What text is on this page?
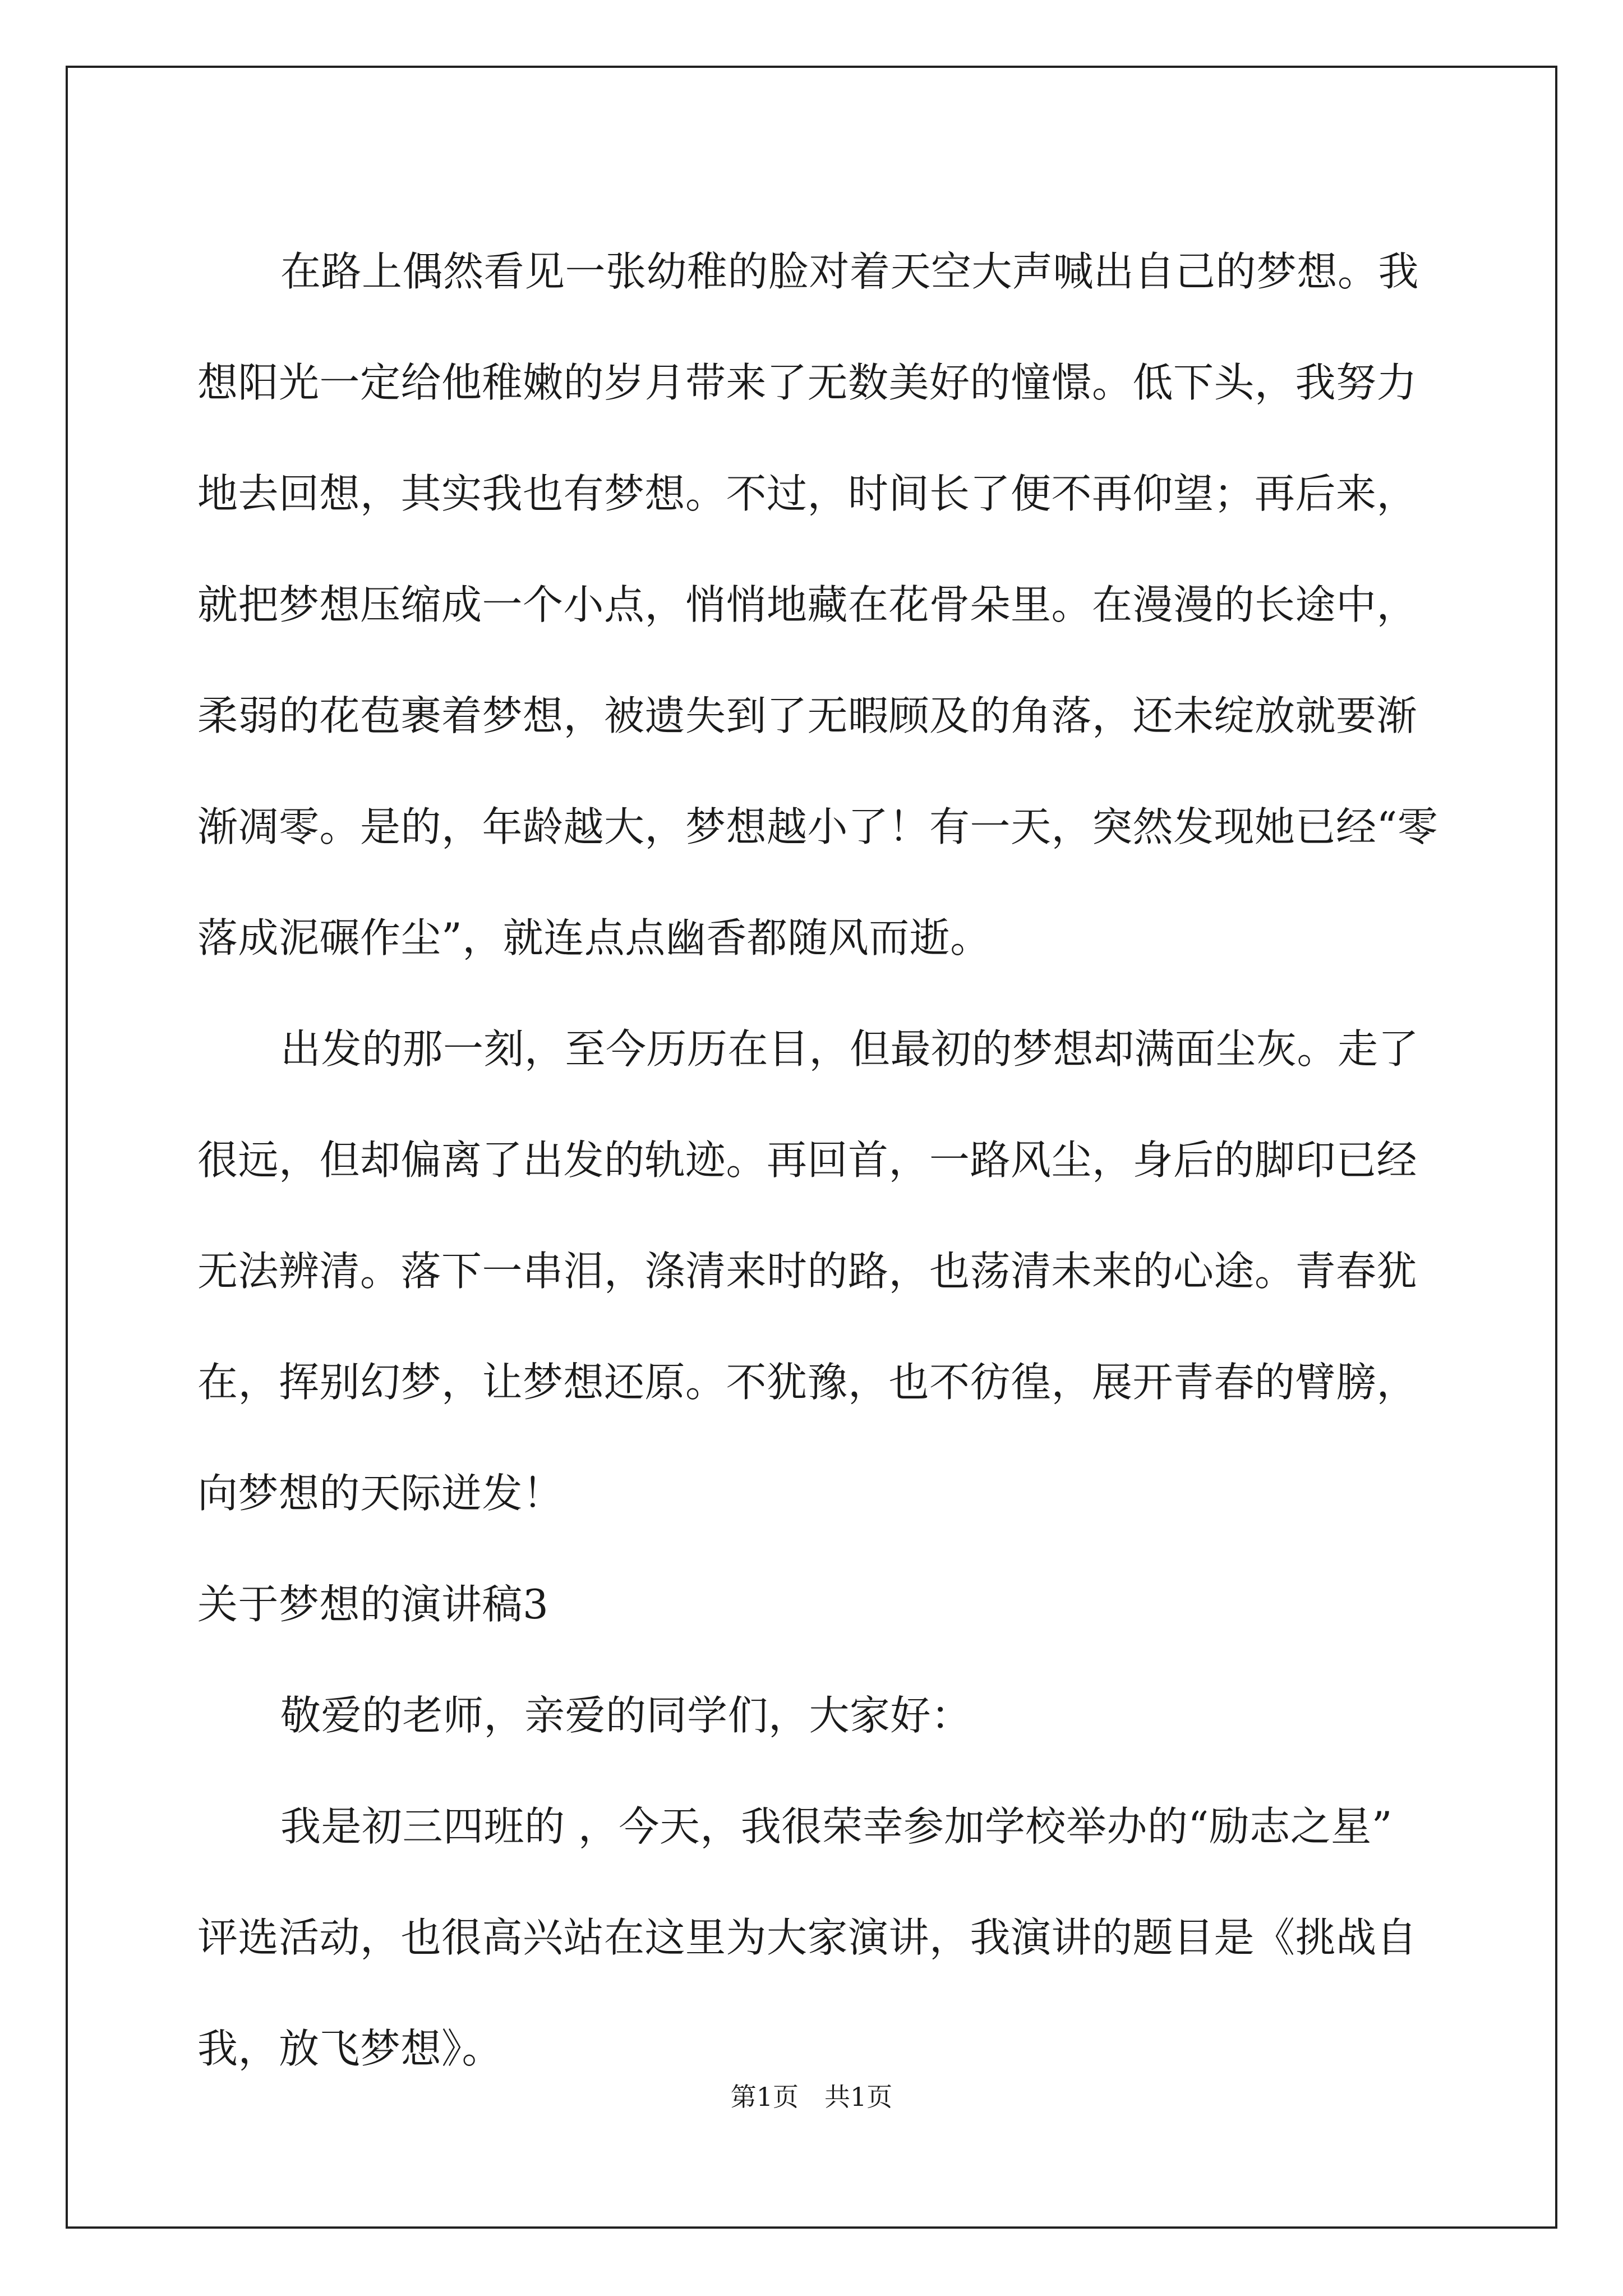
在路上偶然看见一张幼稚的脸对着天空大声喊出自己的梦想。我
想阳光一定给他稚嫩的岁月带来了无数美好的憧憬。低下头，我努力
地去回想，其实我也有梦想。不过，时间长了便不再仰望；再后来，
就把梦想压缩成一个小点，悄悄地藏在花骨朵里。在漫漫的长途中，
柔弱的花苞裹着梦想，被遗失到了无暇顾及的角落，还未绽放就要渐
渐凋零。是的，年龄越大，梦想越小了！有一天，突然发现她已经“零
落成泥碾作尘”，就连点点幽香都随风而逝。
出发的那一刻，至今历历在目，但最初的梦想却满面尘灰。走了
很远，但却偏离了出发的轨迹。再回首，一路风尘，身后的脚印已经
无法辨清。落下一串泪，涤清来时的路，也荡清未来的心途。青春犹
在，挥别幻梦，让梦想还原。不犹豫，也不彷徨，展开青春的臂膀，
向梦想的天际迸发！
关于梦想的演讲稿3
敬爱的老师，亲爱的同学们，大家好：
我是初三四班的 ，今天，我很荣幸参加学校举办的“励志之星”
评选活动，也很高兴站在这里为大家演讲，我演讲的题目是《挑战自
我，放飞梦想》。
第1页　共1页
